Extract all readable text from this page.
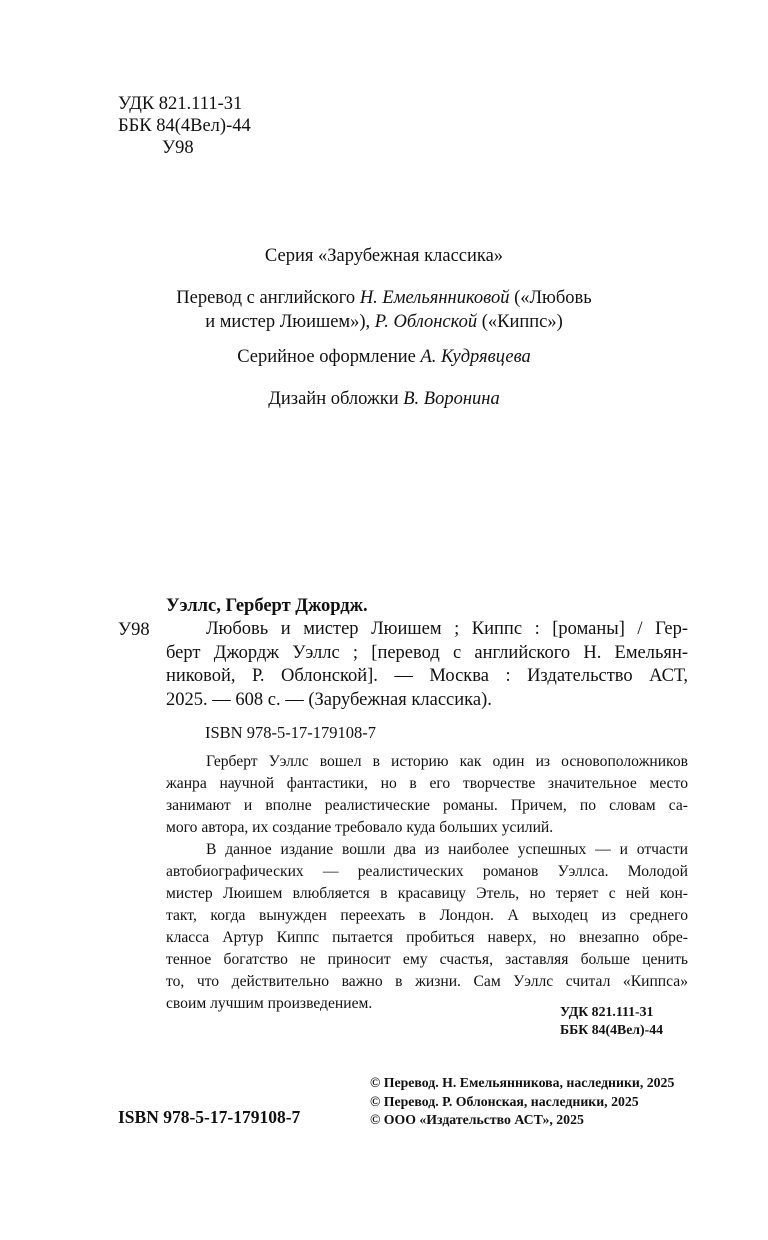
УДК 821.111-31
ББК 84(4Вел)-44
У98
Серия «Зарубежная классика»
Перевод с английского Н. Емельянниковой («Любовь
и мистер Люишем»), Р. Облонской («Киппс»)
Серийное оформление А. Кудрявцева
Дизайн обложки В. Воронина
Уэллс, Герберт Джордж.
У98	Любовь и мистер Люишем ; Киппс : [романы] / Гер-
берт Джордж Уэллс ; [перевод с английского Н. Емельян-
никовой, Р. Облонской]. — Москва : Издательство АСТ,
2025. — 608 с. — (Зарубежная классика).
ISBN 978-5-17-179108-7

Герберт Уэллс вошел в историю как один из основоположников
жанра научной фантастики, но в его творчестве значительное место
занимают и вполне реалистические романы. Причем, по словам са-
мого автора, их создание требовало куда больших усилий.

В данное издание вошли два из наиболее успешных — и отчасти
автобиографических — реалистических романов Уэллса. Молодой
мистер Люишем влюбляется в красавицу Этель, но теряет с ней кон-
такт, когда вынужден переехать в Лондон. А выходец из среднего
класса Артур Киппс пытается пробиться наверх, но внезапно обре-
тенное богатство не приносит ему счастья, заставляя больше ценить
то, что действительно важно в жизни. Сам Уэллс считал «Киппса»
своим лучшим произведением.	УДК 821.111-31
ББК 84(4Вел)-44
© Перевод. Н. Емельянникова, наследники, 2025
© Перевод. Р. Облонская, наследники, 2025
© ООО «Издательство АСТ», 2025
ISBN 978-5-17-179108-7
